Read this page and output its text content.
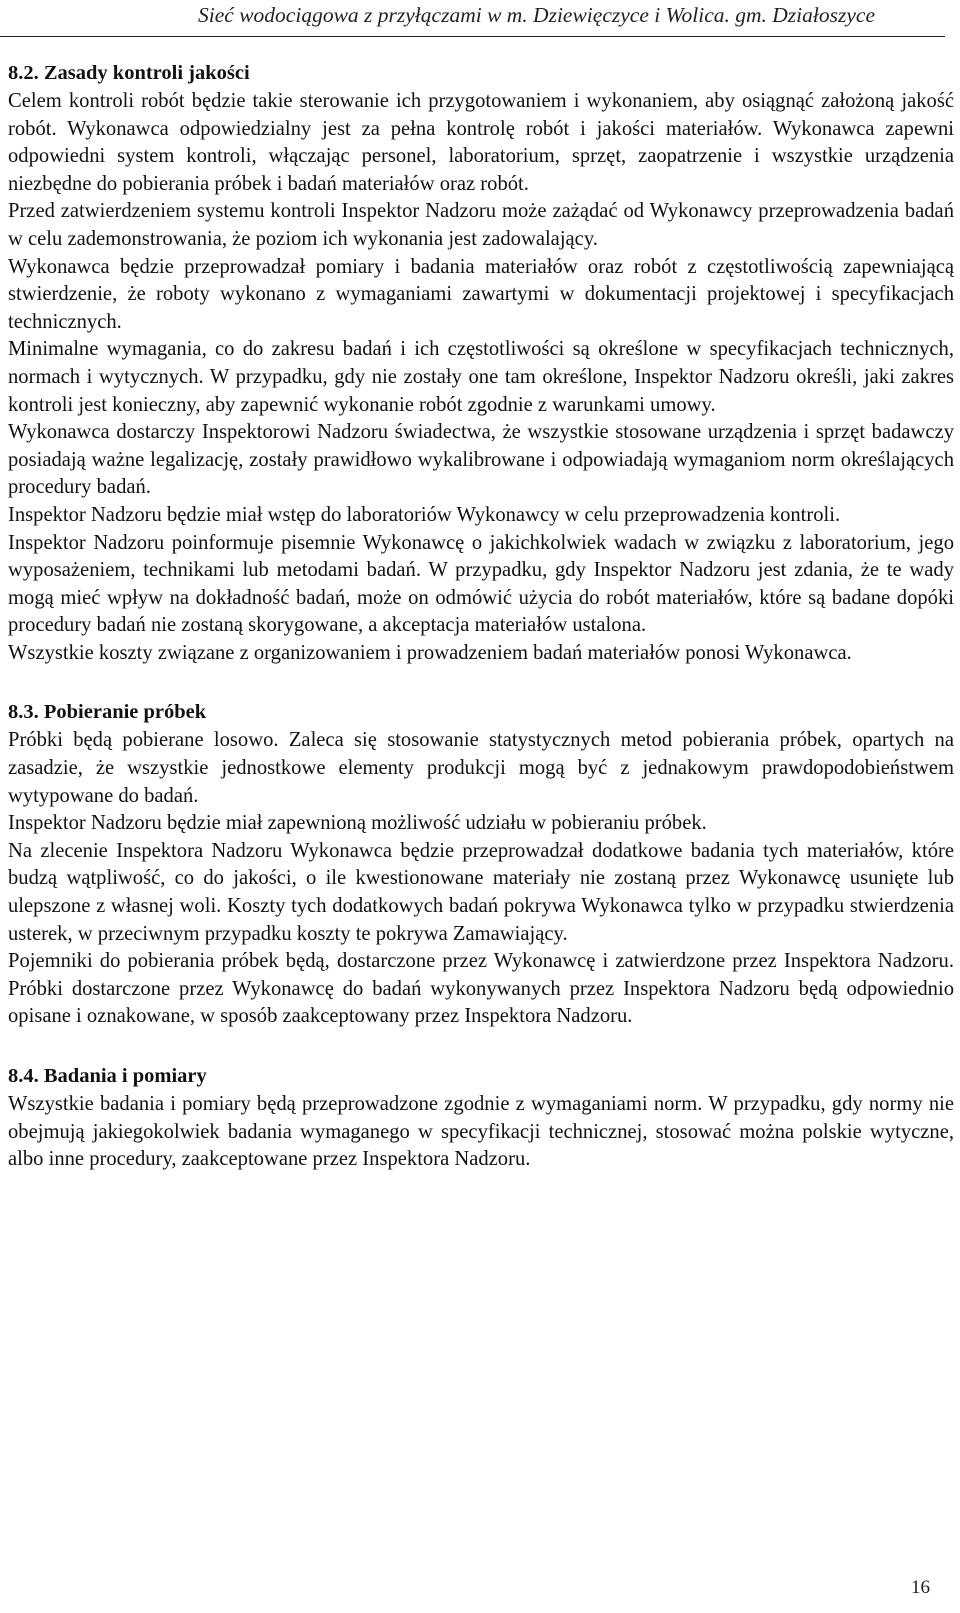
Sieć wodociągowa z przyłączami w m. Dziewięczyce i Wolica. gm. Działoszyce
8.2. Zasady kontroli jakości

Celem kontroli robót będzie takie sterowanie ich przygotowaniem i wykonaniem, aby osiągnąć założoną jakość robót. Wykonawca odpowiedzialny jest za pełna kontrolę robót i jakości materiałów. Wykonawca zapewni odpowiedni system kontroli, włączając personel, laboratorium, sprzęt, zaopatrzenie i wszystkie urządzenia niezbędne do pobierania próbek i badań materiałów oraz robót.

Przed zatwierdzeniem systemu kontroli Inspektor Nadzoru może zażądać od Wykonawcy przeprowadzenia badań w celu zademonstrowania, że poziom ich wykonania jest zadowalający.

Wykonawca będzie przeprowadzał pomiary i badania materiałów oraz robót z częstotliwością zapewniającą stwierdzenie, że roboty wykonano z wymaganiami zawartymi w dokumentacji projektowej i specyfikacjach technicznych.

Minimalne wymagania, co do zakresu badań i ich częstotliwości są określone w specyfikacjach technicznych, normach i wytycznych. W przypadku, gdy nie zostały one tam określone, Inspektor Nadzoru określi, jaki zakres kontroli jest konieczny, aby zapewnić wykonanie robót zgodnie z warunkami umowy.

Wykonawca dostarczy Inspektorowi Nadzoru świadectwa, że wszystkie stosowane urządzenia i sprzęt badawczy posiadają ważne legalizację, zostały prawidłowo wykalibrowane i odpowiadają wymaganiom norm określających procedury badań.

Inspektor Nadzoru będzie miał wstęp do laboratoriów Wykonawcy w celu przeprowadzenia kontroli.

Inspektor Nadzoru poinformuje pisemnie Wykonawcę o jakichkolwiek wadach w związku z laboratorium, jego wyposażeniem, technikami lub metodami badań. W przypadku, gdy Inspektor Nadzoru jest zdania, że te wady mogą mieć wpływ na dokładność badań, może on odmówić użycia do robót materiałów, które są badane dopóki procedury badań nie zostaną skorygowane, a akceptacja materiałów ustalona.

Wszystkie koszty związane z organizowaniem i prowadzeniem badań materiałów ponosi Wykonawca.

8.3. Pobieranie próbek

Próbki będą pobierane losowo. Zaleca się stosowanie statystycznych metod pobierania próbek, opartych na zasadzie, że wszystkie jednostkowe elementy produkcji mogą być z jednakowym prawdopodobieństwem wytypowane do badań.

Inspektor Nadzoru będzie miał zapewnioną możliwość udziału w pobieraniu próbek.

Na zlecenie Inspektora Nadzoru Wykonawca będzie przeprowadzał dodatkowe badania tych materiałów, które budzą wątpliwość, co do jakości, o ile kwestionowane materiały nie zostaną przez Wykonawcę usunięte lub ulepszone z własnej woli. Koszty tych dodatkowych badań pokrywa Wykonawca tylko w przypadku stwierdzenia usterek, w przeciwnym przypadku koszty te pokrywa Zamawiający.

Pojemniki do pobierania próbek będą, dostarczone przez Wykonawcę i zatwierdzone przez Inspektora Nadzoru. Próbki dostarczone przez Wykonawcę do badań wykonywanych przez Inspektora Nadzoru będą odpowiednio opisane i oznakowane, w sposób zaakceptowany przez Inspektora Nadzoru.

8.4. Badania i pomiary

Wszystkie badania i pomiary będą przeprowadzone zgodnie z wymaganiami norm. W przypadku, gdy normy nie obejmują jakiegokolwiek badania wymaganego w specyfikacji technicznej, stosować można polskie wytyczne, albo inne procedury, zaakceptowane przez Inspektora Nadzoru.

16
